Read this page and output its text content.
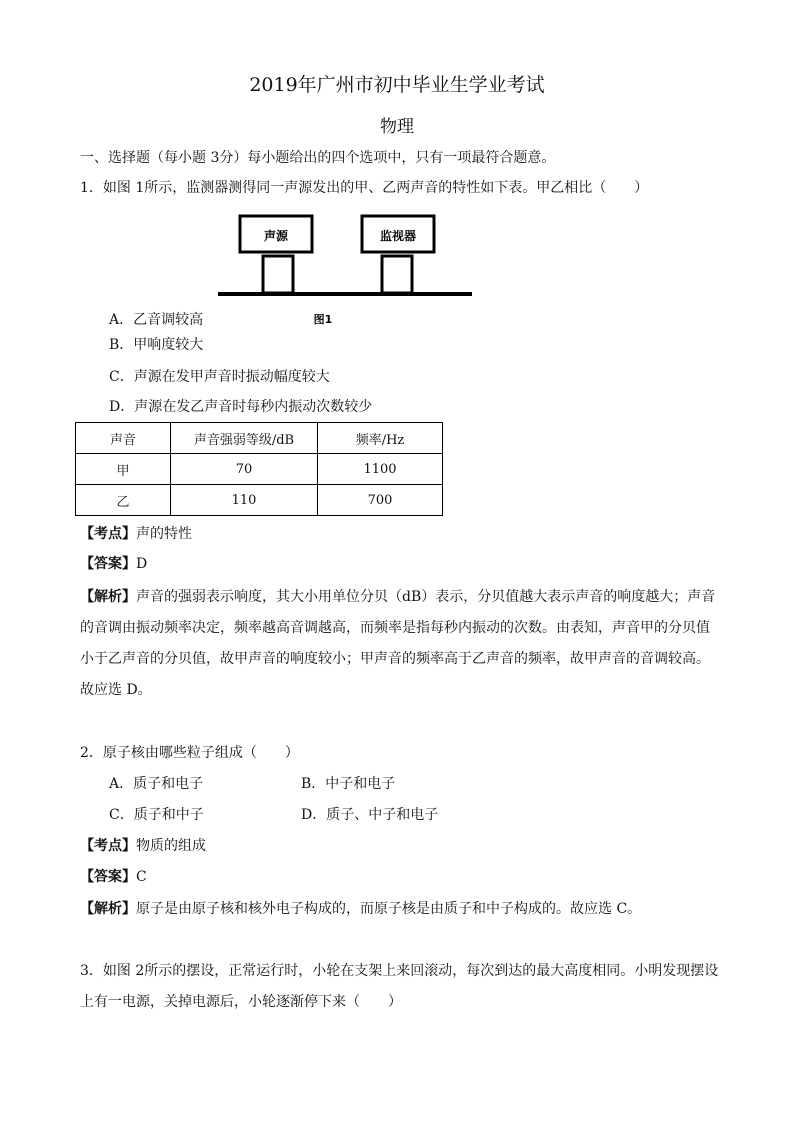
2019年广州市初中毕业生学业考试
物理
一、选择题（每小题 3分）每小题给出的四个选项中，只有一项最符合题意。
1．如图 1所示，监测器测得同一声源发出的甲、乙两声音的特性如下表。甲乙相比（　　）
声源	监视器
图1
A．乙音调较高
B．甲响度较大
C．声源在发甲声音时振动幅度较大
D．声源在发乙声音时每秒内振动次数较少
声音	声音强弱等级/dB	频率/Hz
甲	70	1100
乙	110	700
【考点】声的特性
【答案】D
【解析】声音的强弱表示响度，其大小用单位分贝（dB）表示，分贝值越大表示声音的响度越大；声音的音调由振动频率决定，频率越高音调越高，而频率是指每秒内振动的次数。由表知，声音甲的分贝值小于乙声音的分贝值，故甲声音的响度较小；甲声音的频率高于乙声音的频率，故甲声音的音调较高。故应选 D。
2．原子核由哪些粒子组成（　　）
A．质子和电子	B．中子和电子
C．质子和中子	D．质子、中子和电子
【考点】物质的组成
【答案】C
【解析】原子是由原子核和核外电子构成的，而原子核是由质子和中子构成的。故应选 C。
3．如图 2所示的摆设，正常运行时，小轮在支架上来回滚动，每次到达的最大高度相同。小明发现摆设上有一电源，关掉电源后，小轮逐渐停下来（　　）
